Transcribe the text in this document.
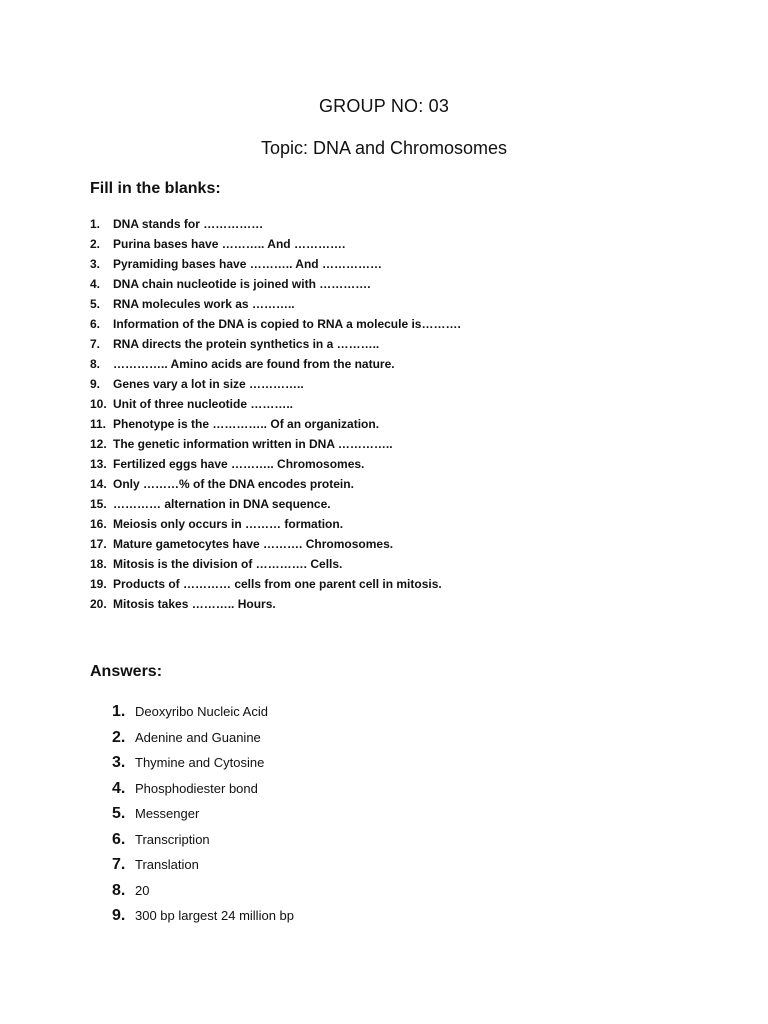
GROUP NO: 03
Topic: DNA and Chromosomes
Fill in the blanks:
1. DNA stands for ……………
2. Purina bases have ……….. And ………….
3. Pyramiding bases have ……….. And ……………
4. DNA chain nucleotide is joined with ………….
5. RNA molecules work as ………..
6. Information of the DNA is copied to RNA a molecule is……….
7. RNA directs the protein synthetics in a ………..
8. ………….. Amino acids are found from the nature.
9. Genes vary a lot in size …………..
10. Unit of three nucleotide ………..
11. Phenotype is the ………….. Of an organization.
12. The genetic information written in DNA …………..
13. Fertilized eggs have ……….. Chromosomes.
14. Only ………% of the DNA encodes protein.
15. ………… alternation in DNA sequence.
16. Meiosis only occurs in ……… formation.
17. Mature gametocytes have ………. Chromosomes.
18. Mitosis is the division of …………. Cells.
19. Products of ………… cells from one parent cell in mitosis.
20. Mitosis takes ……….. Hours.
Answers:
1. Deoxyribo Nucleic Acid
2. Adenine and Guanine
3. Thymine and Cytosine
4. Phosphodiester bond
5. Messenger
6. Transcription
7. Translation
8. 20
9. 300 bp largest 24 million bp
